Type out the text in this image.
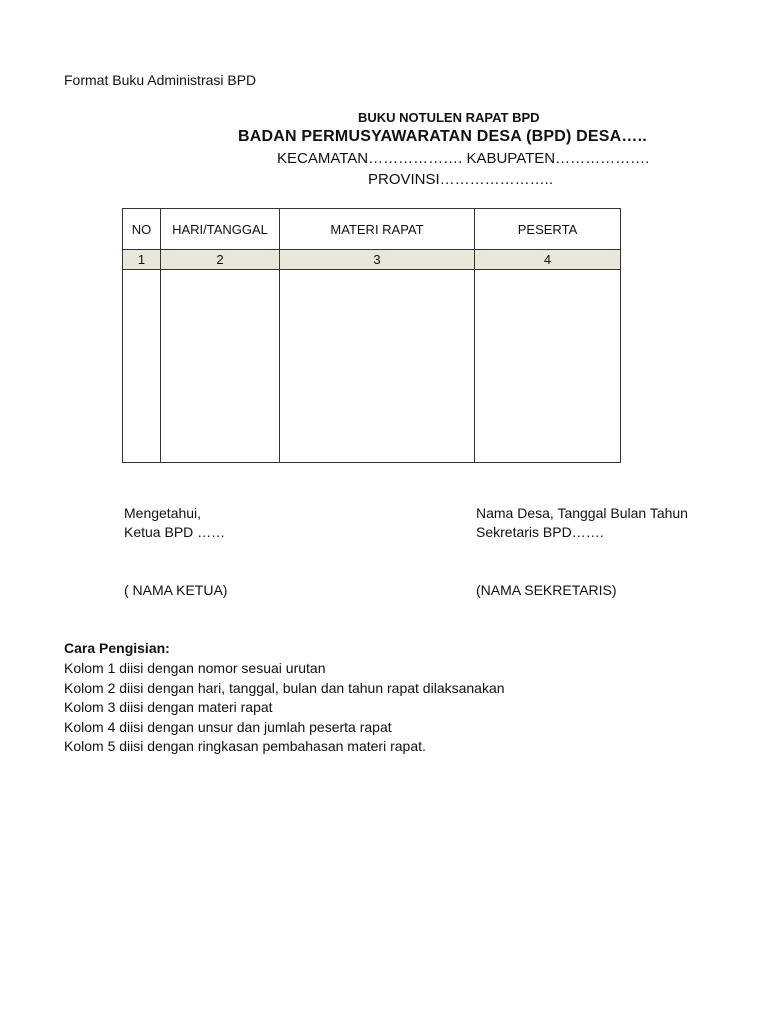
Format Buku Administrasi BPD
BUKU NOTULEN RAPAT BPD
BADAN PERMUSYAWARATAN DESA (BPD) DESA…..
KECAMATAN………………. KABUPATEN……………….
PROVINSI…………………..
NO	HARI/TANGGAL	MATERI RAPAT	PESERTA
1	2	3	4

Mengetahui,
Ketua BPD ……
( NAMA KETUA)
Nama Desa, Tanggal Bulan Tahun
Sekretaris BPD…….
(NAMA SEKRETARIS)
Cara Pengisian:
Kolom 1 diisi dengan nomor sesuai urutan
Kolom 2 diisi dengan hari, tanggal, bulan dan tahun rapat dilaksanakan
Kolom 3 diisi dengan materi rapat
Kolom 4 diisi dengan unsur dan jumlah peserta rapat
Kolom 5 diisi dengan ringkasan pembahasan materi rapat.
